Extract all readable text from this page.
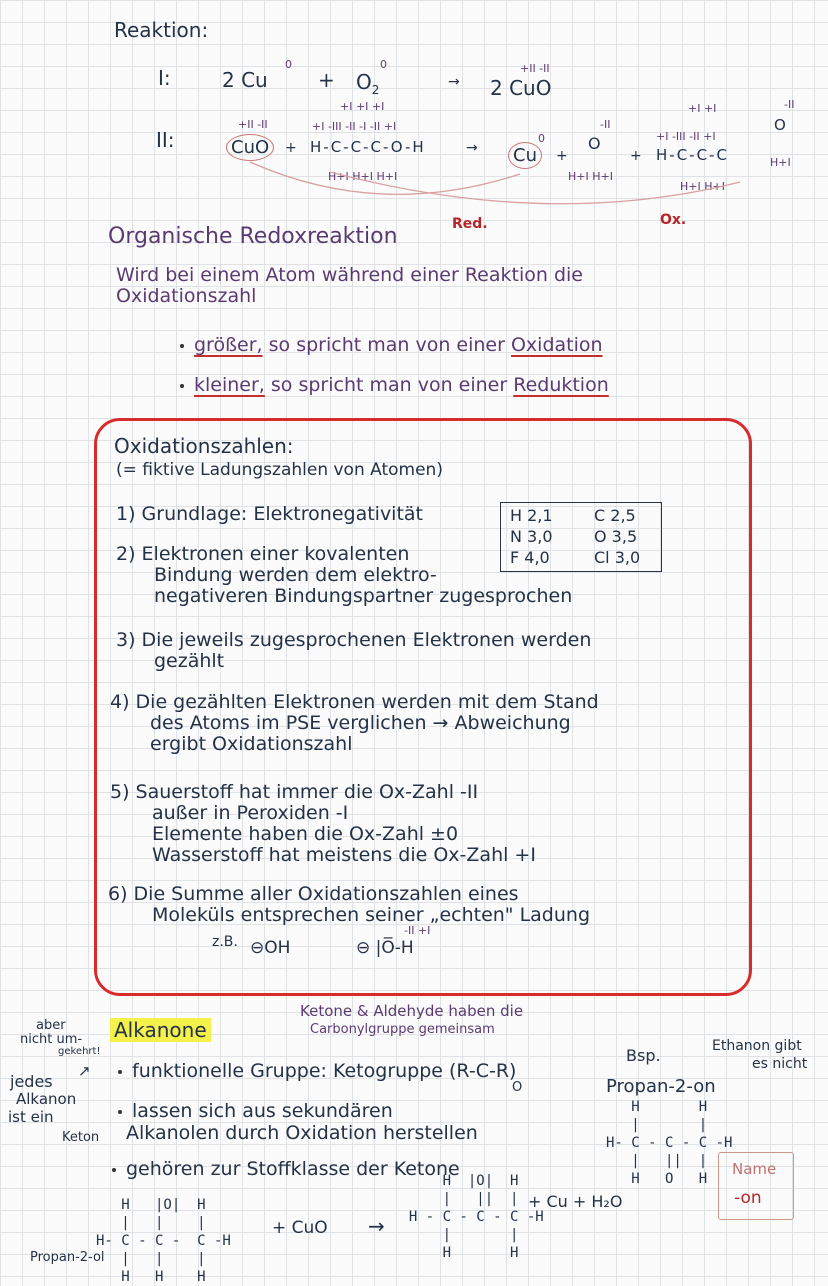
Reaktion:
I:	2 Cu
0
+ $O_2$
0
→ 2 CuO
+II -II
II:
+II -II
CuO	+
+I +I +I
+I -III -II -I -II +I
H-C-C-C-O-H
H+I H+I H+I
→ Cu
0
+
-II
O
H+I H+I
+
+I +I
+I -III -II +I
H-C-C-C
-II
O
H+I
H+I H+I
Red.	Ox.
Organische Redoxreaktion
Wird bei einem Atom während einer Reaktion die
Oxidationszahl
größer, so spricht man von einer Oxidation
kleiner, so spricht man von einer Reduktion
Oxidationszahlen:
(= fiktive Ladungszahlen von Atomen)
1) Grundlage: Elektronegativität	H 2,1	C 2,5
N 3,0	O 3,5
F 4,0	Cl 3,0
2) Elektronen einer kovalenten
Bindung werden dem elektro-
negativeren Bindungspartner zugesprochen
3) Die jeweils zugesprochenen Elektronen werden
gezählt
4) Die gezählten Elektronen werden mit dem Stand
des Atoms im PSE verglichen → Abweichung
ergibt Oxidationszahl
5) Sauerstoff hat immer die Ox-Zahl -II
außer in Peroxiden -I
Elemente haben die Ox-Zahl ±0
Wasserstoff hat meistens die Ox-Zahl +I
6) Die Summe aller Oxidationszahlen eines
Moleküls entsprechen seiner „echten" Ladung
z.B. ⊖OH
-II +I
⊖ |O̅-H
aber
nicht um-
gekehrt!
jedes
↗
Alkanon
ist ein
Keton
Alkanone
Ketone & Aldehyde haben die
Carbonylgruppe gemeinsam
funktionelle Gruppe: Ketogruppe (R-C-R)
O
lassen sich aus sekundären
Alkanolen durch Oxidation herstellen
gehören zur Stoffklasse der Ketone
Bsp.	Ethanon gibt
es nicht
Propan-2-on
H       H
|       |
H- C - C - C -H
|   ||  |
H   O   H
Name
-on
H   |O|  H
|   |    |
H- C - C -  C -H
|   |    |
H   H    H
Propan-2-ol
+ CuO →
H  |O|  H
|   ||  |
H - C - C - C -H
|       |
H       H
+ Cu + H₂O
